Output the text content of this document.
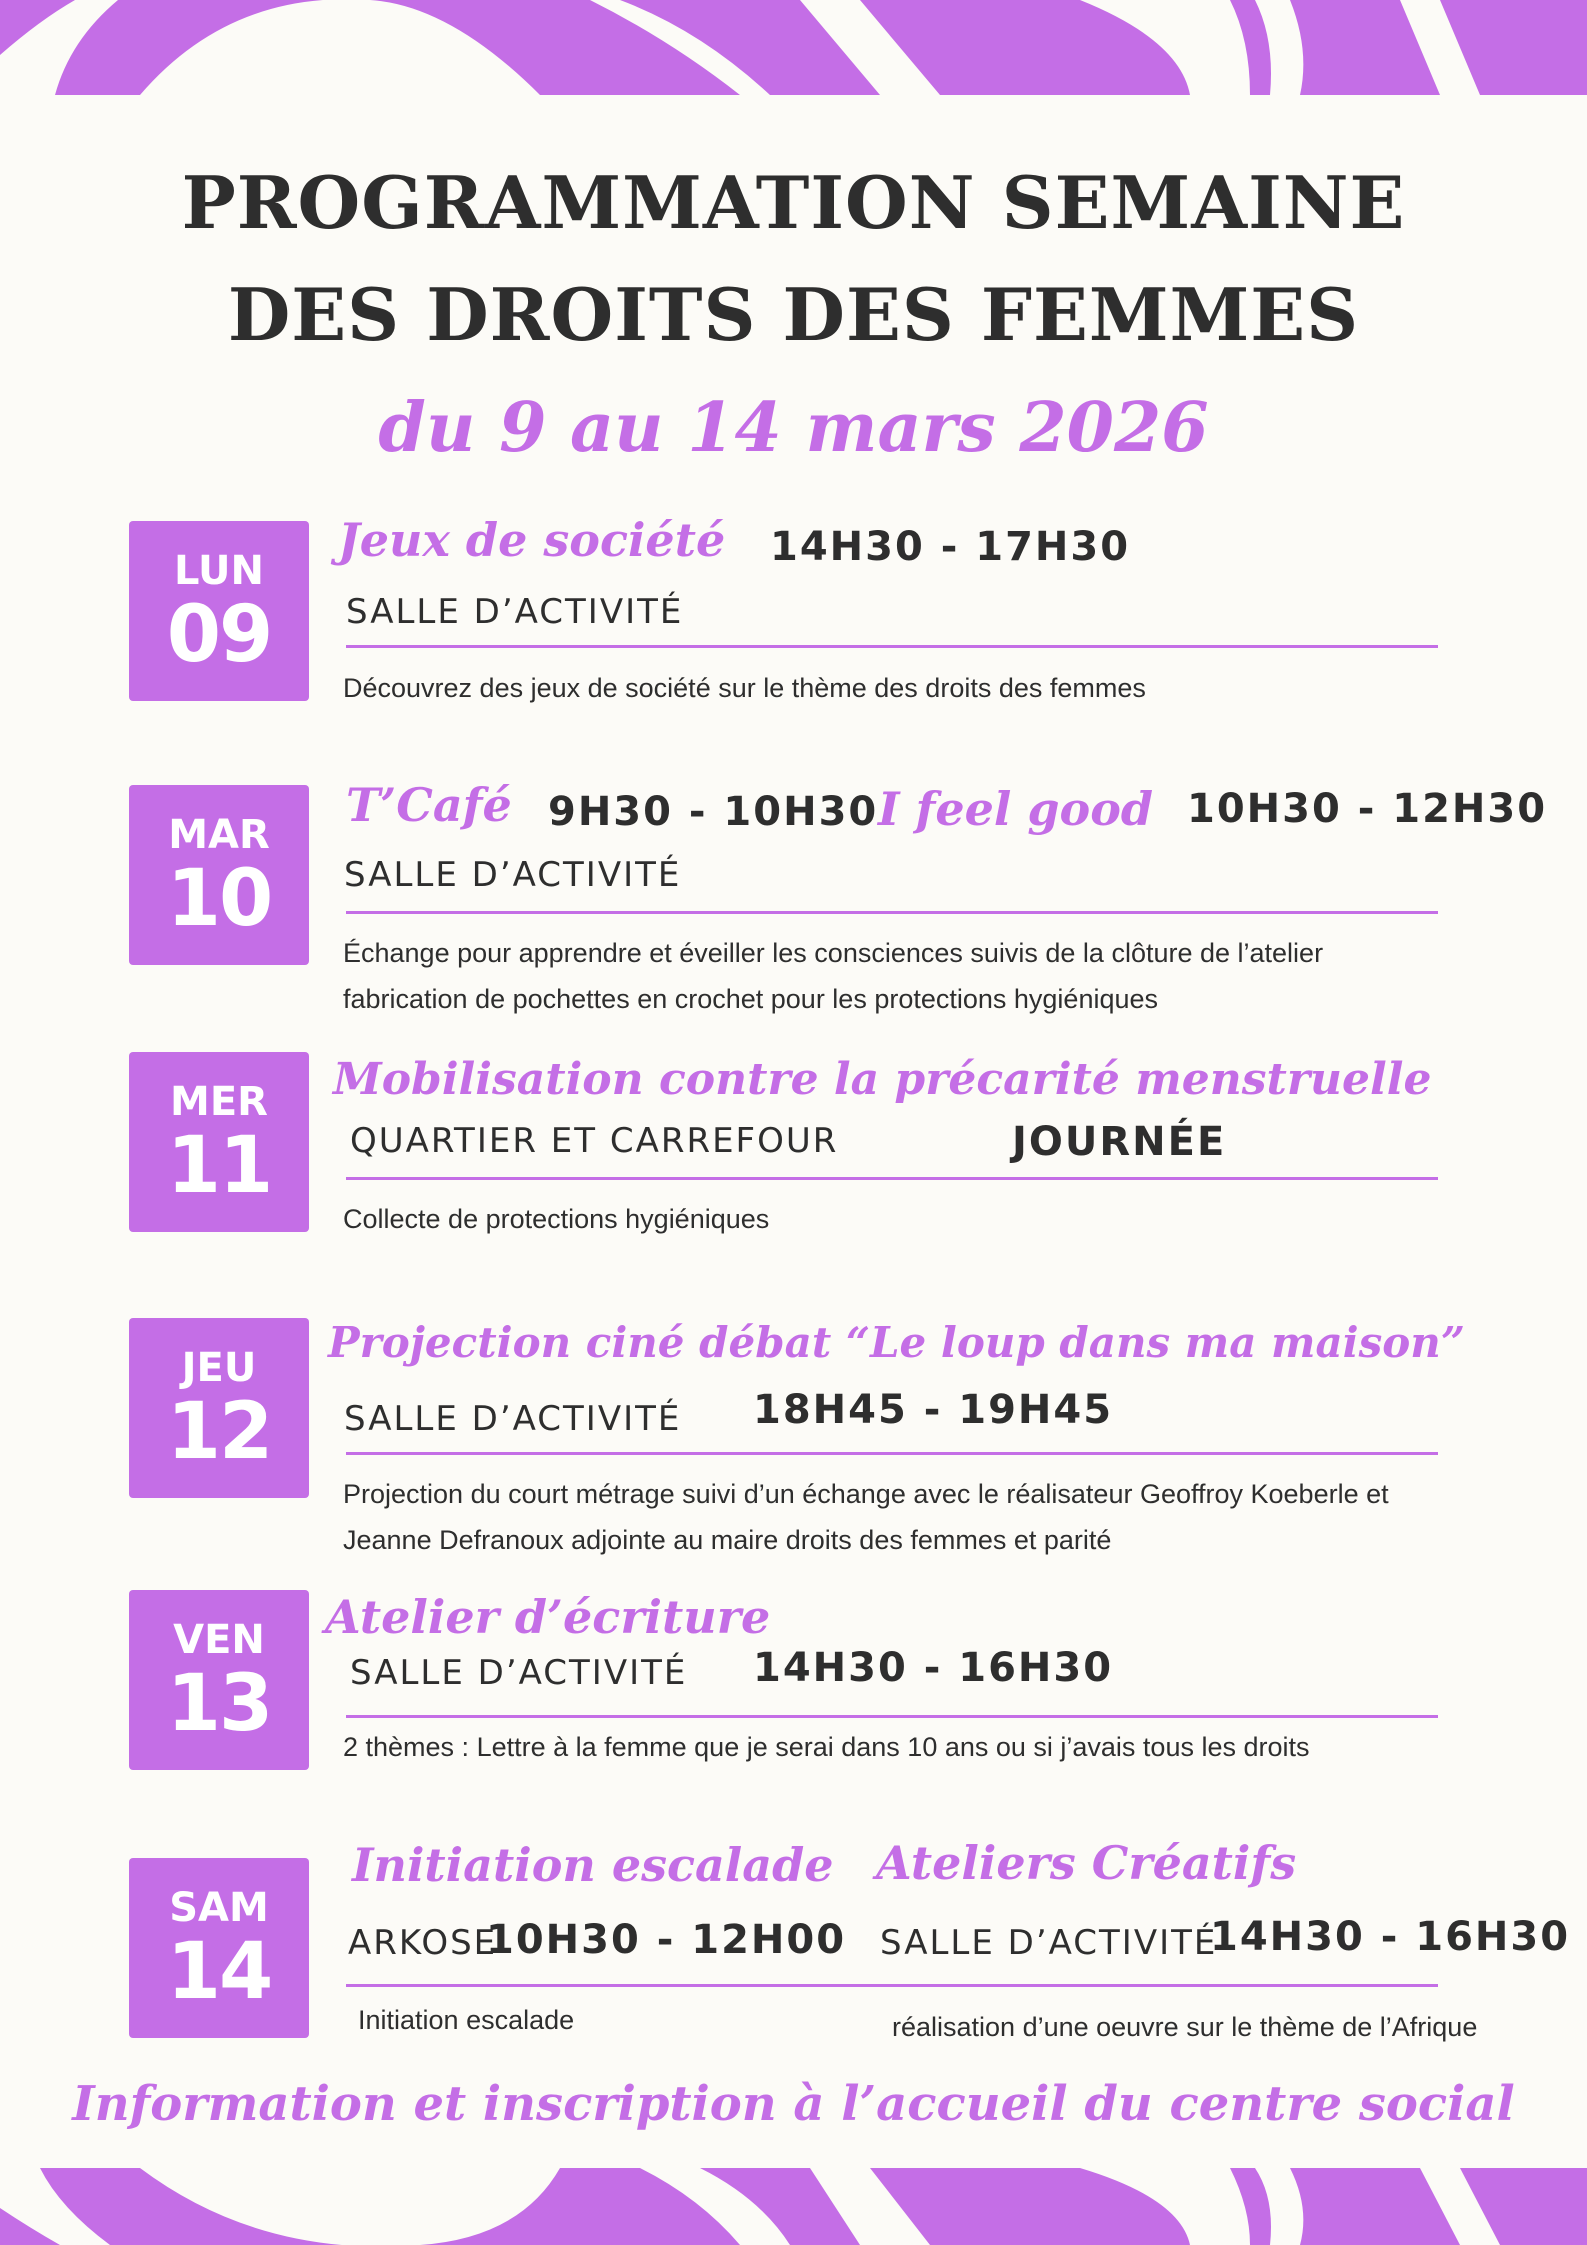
PROGRAMMATION SEMAINE
DES DROITS DES FEMMES

du 9 au 14 mars 2026

LUN
09
Jeux de société 14H30 - 17H30
SALLE D’ACTIVITÉ

Découvrez des jeux de société sur le thème des droits des femmes

MAR
10
T’Café 9H30 - 10H30 I feel good 10H30 - 12H30
SALLE D’ACTIVITÉ

Échange pour apprendre et éveiller les consciences suivis de la clôture de l’atelier
fabrication de pochettes en crochet pour les protections hygiéniques

MER
11
Mobilisation contre la précarité menstruelle
QUARTIER ET CARREFOUR	JOURNÉE

Collecte de protections hygiéniques

JEU
12
Projection ciné débat “Le loup dans ma maison”
SALLE D’ACTIVITÉ 18H45 - 19H45

Projection du court métrage suivi d’un échange avec le réalisateur Geoffroy Koeberle et
Jeanne Defranoux adjointe au maire droits des femmes et parité

VEN
13
Atelier d’écriture
SALLE D’ACTIVITÉ 14H30 - 16H30

2 thèmes : Lettre à la femme que je serai dans 10 ans ou si j’avais tous les droits

SAM
14
Initiation escalade Ateliers Créatifs
ARKOSE
10H30 - 12H00 SALLE D’ACTIVITÉ
14H30 - 16H30

Initiation escalade	réalisation d’une oeuvre sur le thème de l’Afrique

Information et inscription à l’accueil du centre social
